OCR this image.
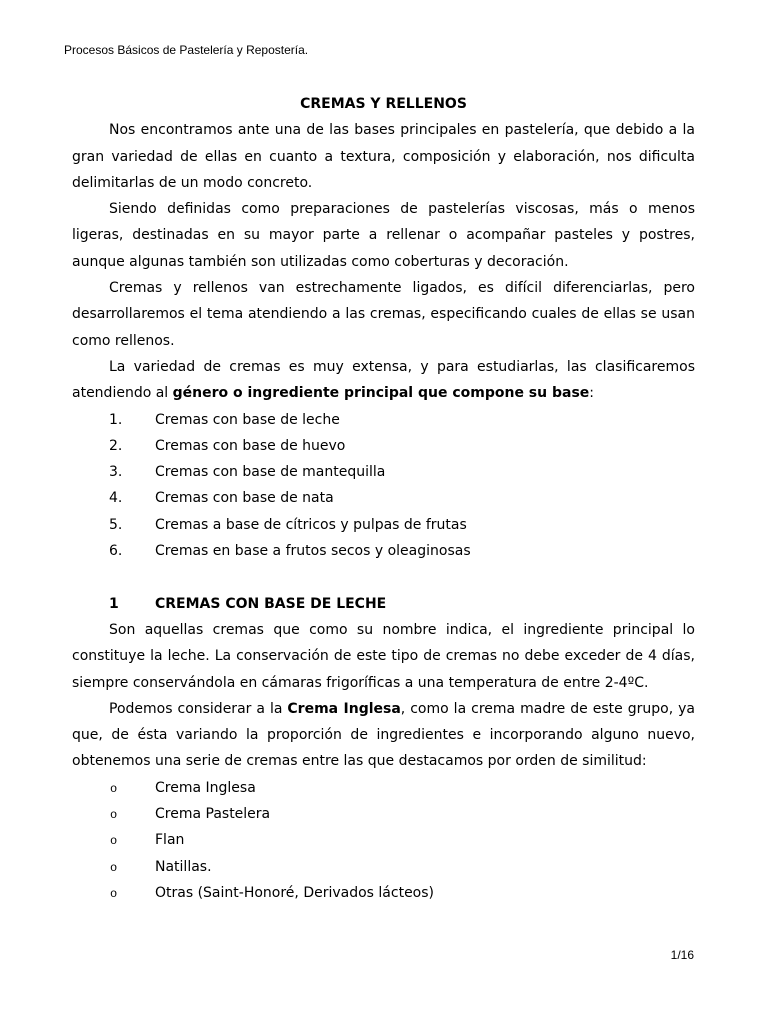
Procesos Básicos de Pastelería y Repostería.

CREMAS Y RELLENOS

Nos encontramos ante una de las bases principales en pastelería, que debido a la gran variedad de ellas en cuanto a textura, composición y elaboración, nos dificulta delimitarlas de un modo concreto.

Siendo definidas como preparaciones de pastelerías viscosas, más o menos ligeras, destinadas en su mayor parte a rellenar o acompañar pasteles y postres, aunque algunas también son utilizadas como coberturas y decoración.

Cremas y rellenos van estrechamente ligados, es difícil diferenciarlas, pero desarrollaremos el tema atendiendo a las cremas, especificando cuales de ellas se usan como rellenos.

La variedad de cremas es muy extensa, y para estudiarlas, las clasificaremos atendiendo al género o ingrediente principal que compone su base:

1. Cremas con base de leche
2. Cremas con base de huevo
3. Cremas con base de mantequilla
4. Cremas con base de nata
5. Cremas a base de cítricos y pulpas de frutas
6. Cremas en base a frutos secos y oleaginosas
1	CREMAS CON BASE DE LECHE

Son aquellas cremas que como su nombre indica, el ingrediente principal lo constituye la leche. La conservación de este tipo de cremas no debe exceder de 4 días, siempre conservándola en cámaras frigoríficas a una temperatura de entre 2-4ºC.

Podemos considerar a la Crema Inglesa, como la crema madre de este grupo, ya que, de ésta variando la proporción de ingredientes e incorporando alguno nuevo, obtenemos una serie de cremas entre las que destacamos por orden de similitud:

o	Crema Inglesa
o	Crema Pastelera
o	Flan
o	Natillas.
o	Otras (Saint-Honoré, Derivados lácteos)
1/16
